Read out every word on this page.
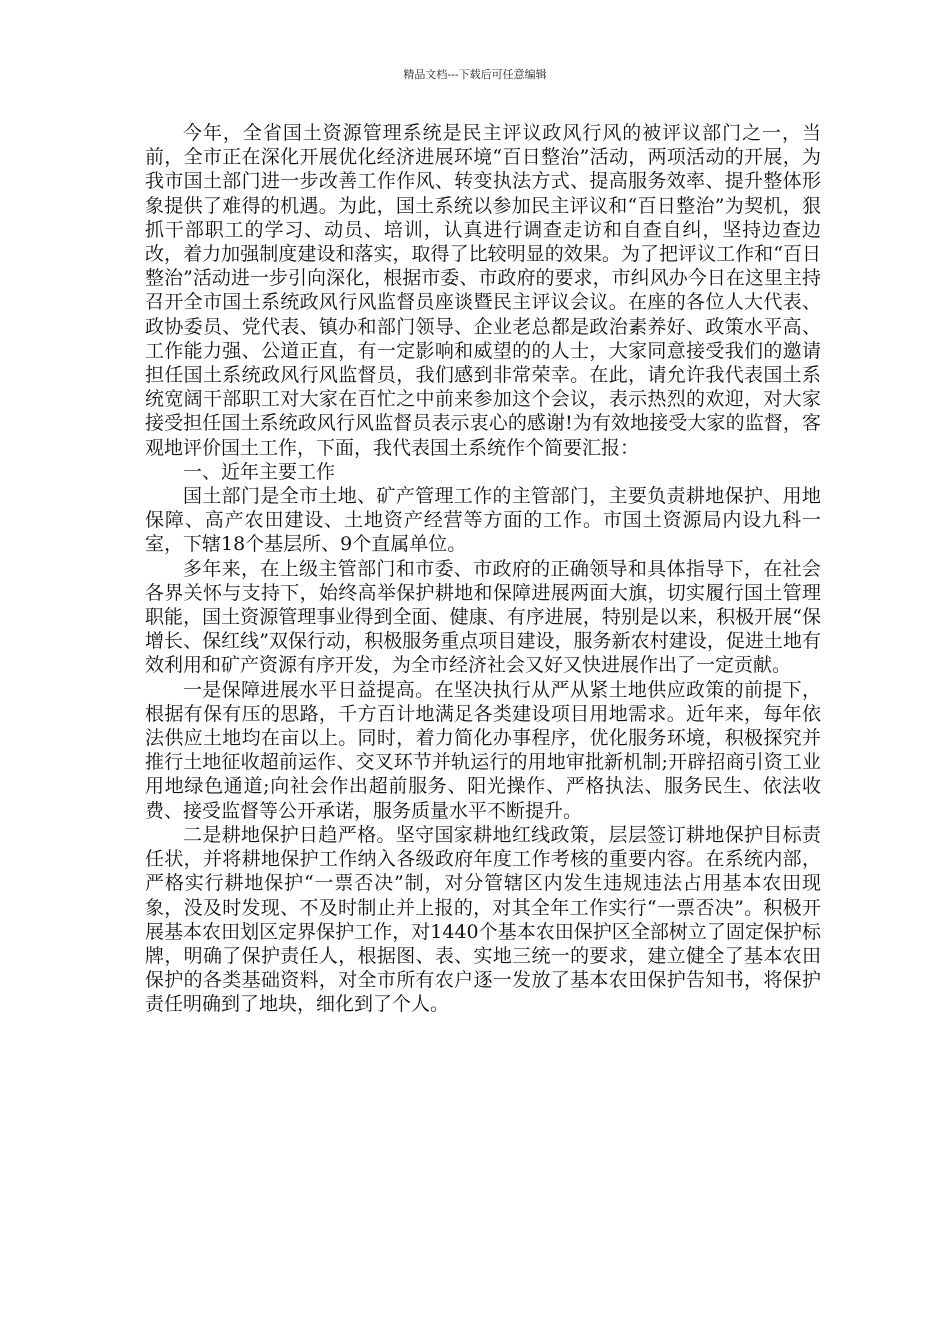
精品文档---下载后可任意编辑

今年，全省国土资源管理系统是民主评议政风行风的被评议部门之一，当前，全市正在深化开展优化经济进展环境“百日整治”活动，两项活动的开展，为我市国土部门进一步改善工作作风、转变执法方式、提高服务效率、提升整体形象提供了难得的机遇。为此，国土系统以参加民主评议和“百日整治”为契机，狠抓干部职工的学习、动员、培训，认真进行调查走访和自查自纠，坚持边查边改，着力加强制度建设和落实，取得了比较明显的效果。为了把评议工作和“百日整治”活动进一步引向深化，根据市委、市政府的要求，市纠风办今日在这里主持召开全市国土系统政风行风监督员座谈暨民主评议会议。在座的各位人大代表、政协委员、党代表、镇办和部门领导、企业老总都是政治素养好、政策水平高、工作能力强、公道正直，有一定影响和威望的的人士，大家同意接受我们的邀请担任国土系统政风行风监督员，我们感到非常荣幸。在此，请允许我代表国土系统宽阔干部职工对大家在百忙之中前来参加这个会议，表示热烈的欢迎，对大家接受担任国土系统政风行风监督员表示衷心的感谢!为有效地接受大家的监督，客观地评价国土工作，下面，我代表国土系统作个简要汇报：

一、近年主要工作

国土部门是全市土地、矿产管理工作的主管部门，主要负责耕地保护、用地保障、高产农田建设、土地资产经营等方面的工作。市国土资源局内设九科一室，下辖18个基层所、9个直属单位。

多年来，在上级主管部门和市委、市政府的正确领导和具体指导下，在社会各界关怀与支持下，始终高举保护耕地和保障进展两面大旗，切实履行国土管理职能，国土资源管理事业得到全面、健康、有序进展，特别是以来，积极开展“保增长、保红线”双保行动，积极服务重点项目建设，服务新农村建设，促进土地有效利用和矿产资源有序开发，为全市经济社会又好又快进展作出了一定贡献。

一是保障进展水平日益提高。在坚决执行从严从紧土地供应政策的前提下，根据有保有压的思路，千方百计地满足各类建设项目用地需求。近年来，每年依法供应土地均在亩以上。同时，着力简化办事程序，优化服务环境，积极探究并推行土地征收超前运作、交叉环节并轨运行的用地审批新机制;开辟招商引资工业用地绿色通道;向社会作出超前服务、阳光操作、严格执法、服务民生、依法收费、接受监督等公开承诺，服务质量水平不断提升。

二是耕地保护日趋严格。坚守国家耕地红线政策，层层签订耕地保护目标责任状，并将耕地保护工作纳入各级政府年度工作考核的重要内容。在系统内部，严格实行耕地保护“一票否决”制，对分管辖区内发生违规违法占用基本农田现象，没及时发现、不及时制止并上报的，对其全年工作实行“一票否决”。积极开展基本农田划区定界保护工作，对1440个基本农田保护区全部树立了固定保护标牌，明确了保护责任人，根据图、表、实地三统一的要求，建立健全了基本农田保护的各类基础资料，对全市所有农户逐一发放了基本农田保护告知书，将保护责任明确到了地块，细化到了个人。
